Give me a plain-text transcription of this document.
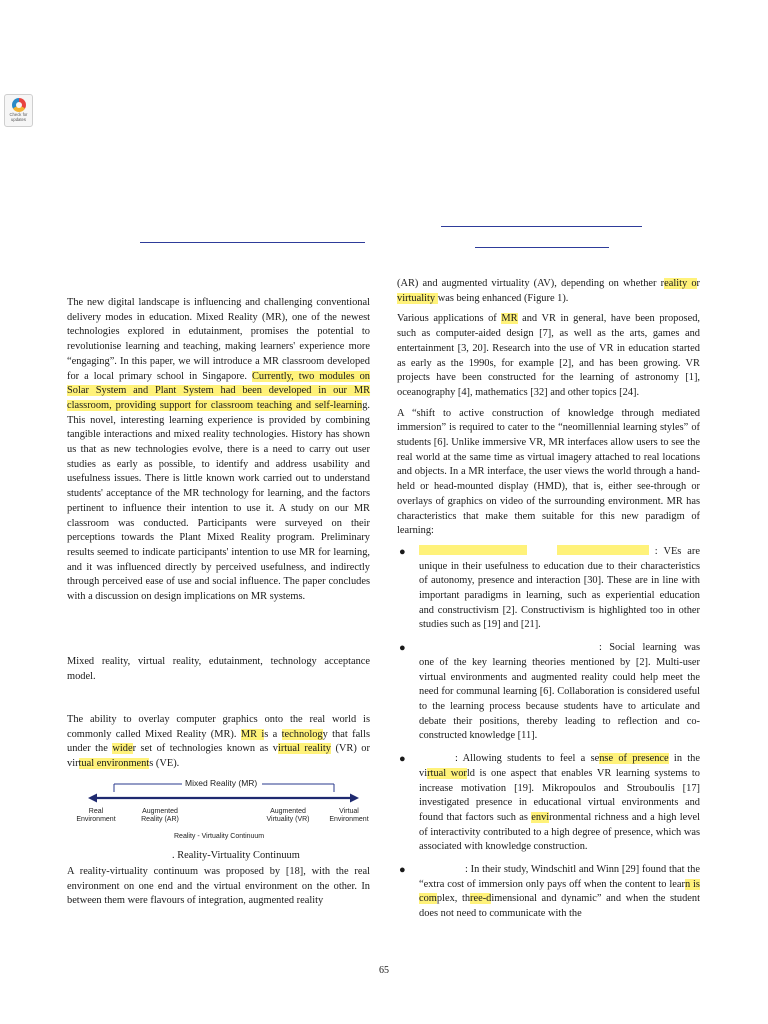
Check for updates

The new digital landscape is influencing and challenging conventional delivery modes in education. Mixed Reality (MR), one of the newest technologies explored in edutainment, promises the potential to revolutionise learning and teaching, making learners' experience more “engaging”. In this paper, we will introduce a MR classroom developed for a local primary school in Singapore. Currently, two modules on Solar System and Plant System had been developed in our MR classroom, providing support for classroom teaching and self-learning. This novel, interesting learning experience is provided by combining tangible interactions and mixed reality technologies. History has shown us that as new technologies evolve, there is a need to carry out user studies as early as possible, to identify and address usability and usefulness issues. There is little known work carried out to understand students' acceptance of the MR technology for learning, and the factors pertinent to influence their intention to use it. A study on our MR classroom was conducted. Participants were surveyed on their perceptions towards the Plant Mixed Reality program. Preliminary results seemed to indicate participants' intention to use MR for learning, and it was influenced directly by perceived usefulness, and indirectly through perceived ease of use and social influence. The paper concludes with a discussion on design implications on MR systems.

Mixed reality, virtual reality, edutainment, technology acceptance model.

The ability to overlay computer graphics onto the real world is commonly called Mixed Reality (MR). MR is a technology that falls under the wider set of technologies known as virtual reality (VR) or virtual environments (VE).

Mixed Reality (MR)
Real Environment
Augmented Reality (AR)
Augmented Virtuality (VR)
Virtual Environment
Reality - Virtuality Continuum
. Reality-Virtuality Continuum

A reality-virtuality continuum was proposed by [18], with the real environment on one end and the virtual environment on the other. In between them were flavours of integration, augmented reality

(AR) and augmented virtuality (AV), depending on whether reality or virtuality was being enhanced (Figure 1).

Various applications of MR and VR in general, have been proposed, such as computer-aided design [7], as well as the arts, games and entertainment [3, 20]. Research into the use of VR in education started as early as the 1990s, for example [2], and has been growing. VR projects have been constructed for the learning of astronomy [1], oceanography [4], mathematics [32] and other topics [24].

A “shift to active construction of knowledge through mediated immersion” is required to cater to the “neomillennial learning styles” of students [6]. Unlike immersive VR, MR interfaces allow users to see the real world at the same time as virtual imagery attached to real locations and objects. In a MR interface, the user views the world through a hand-held or head-mounted display (HMD), that is, either see-through or overlays of graphics on video of the surrounding environment. MR has characteristics that make them suitable for this new paradigm of learning:

●	: VEs are unique in their usefulness to education due to their characteristics of autonomy, presence and interaction [30]. These are in line with important paradigms in learning, such as experiential education and constructivism [2]. Constructivism is highlighted too in other studies such as [19] and [21].
●	: Social learning was one of the key learning theories mentioned by [2]. Multi-user virtual environments and augmented reality could help meet the need for communal learning [6]. Collaboration is considered useful to the learning process because students have to articulate and debate their positions, thereby leading to reflection and co-constructed knowledge [11].
●	: Allowing students to feel a sense of presence in the virtual world is one aspect that enables VR learning systems to increase motivation [19]. Mikropoulos and Strouboulis [17] investigated presence in educational virtual environments and found that factors such as environmental richness and a high level of interactivity contributed to a high degree of presence, which was associated with knowledge construction.
●	: In their study, Windschitl and Winn [29] found that the “extra cost of immersion only pays off when the content to learn is complex, three-dimensional and dynamic” and when the student does not need to communicate with the
65
